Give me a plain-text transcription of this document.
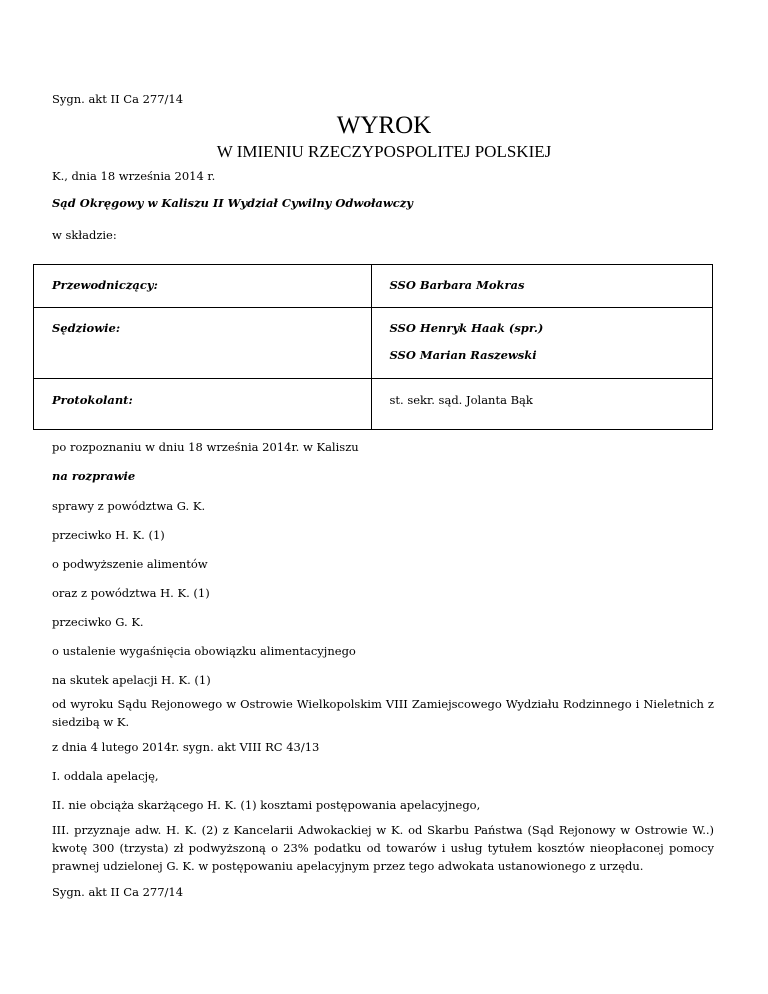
Sygn. akt II Ca 277/14
WYROK
W IMIENIU RZECZYPOSPOLITEJ POLSKIEJ
K., dnia 18 września 2014 r.
Sąd Okręgowy w Kaliszu II Wydział Cywilny Odwoławczy
w składzie:
Przewodniczący:	SSO Barbara Mokras

Sędziowie:	SSO Henryk Haak (spr.)
SSO Marian Raszewski

Protokolant:	st. sekr. sąd. Jolanta Bąk
po rozpoznaniu w dniu 18 września 2014r. w Kaliszu
na rozprawie
sprawy z powództwa G. K.
przeciwko H. K. (1)
o podwyższenie alimentów
oraz z powództwa H. K. (1)
przeciwko G. K.
o ustalenie wygaśnięcia obowiązku alimentacyjnego
na skutek apelacji H. K. (1)
od wyroku Sądu Rejonowego w Ostrowie Wielkopolskim VIII Zamiejscowego Wydziału Rodzinnego i Nieletnich z siedzibą w K.
z dnia 4 lutego 2014r. sygn. akt VIII RC 43/13
I. oddala apelację,
II. nie obciąża skarżącego H. K. (1) kosztami postępowania apelacyjnego,
III. przyznaje adw. H. K. (2) z Kancelarii Adwokackiej w K. od Skarbu Państwa (Sąd Rejonowy w Ostrowie W..) kwotę 300 (trzysta) zł podwyższoną o 23% podatku od towarów i usług tytułem kosztów nieopłaconej pomocy prawnej udzielonej G. K. w postępowaniu apelacyjnym przez tego adwokata ustanowionego z urzędu.
Sygn. akt II Ca 277/14
